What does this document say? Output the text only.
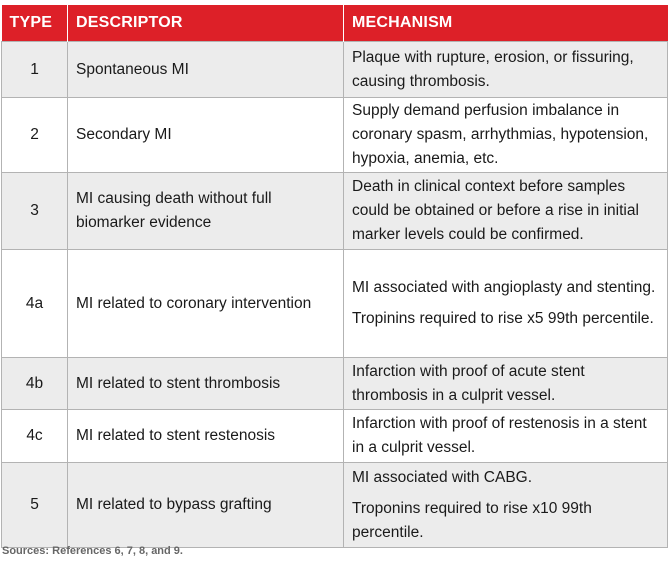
TYPE	DESCRIPTOR	MECHANISM
1	Spontaneous MI	Plaque with rupture, erosion, or fissuring, causing thrombosis.

2	Secondary MI	Supply demand perfusion imbalance in coronary spasm, arrhythmias, hypotension, hypoxia, anemia, etc.

3	MI causing death without full biomarker evidence	Death in clinical context before samples could be obtained or before a rise in initial marker levels could be confirmed.

4a	MI related to coronary intervention	MI associated with angioplasty and stenting.

Tropinins required to rise x5 99th percentile.

4b	MI related to stent thrombosis	Infarction with proof of acute stent thrombosis in a culprit vessel.

4c	MI related to stent restenosis	Infarction with proof of restenosis in a stent in a culprit vessel.

5	MI related to bypass grafting	MI associated with CABG.

Troponins required to rise x10 99th percentile.

Sources: References 6, 7, 8, and 9.
